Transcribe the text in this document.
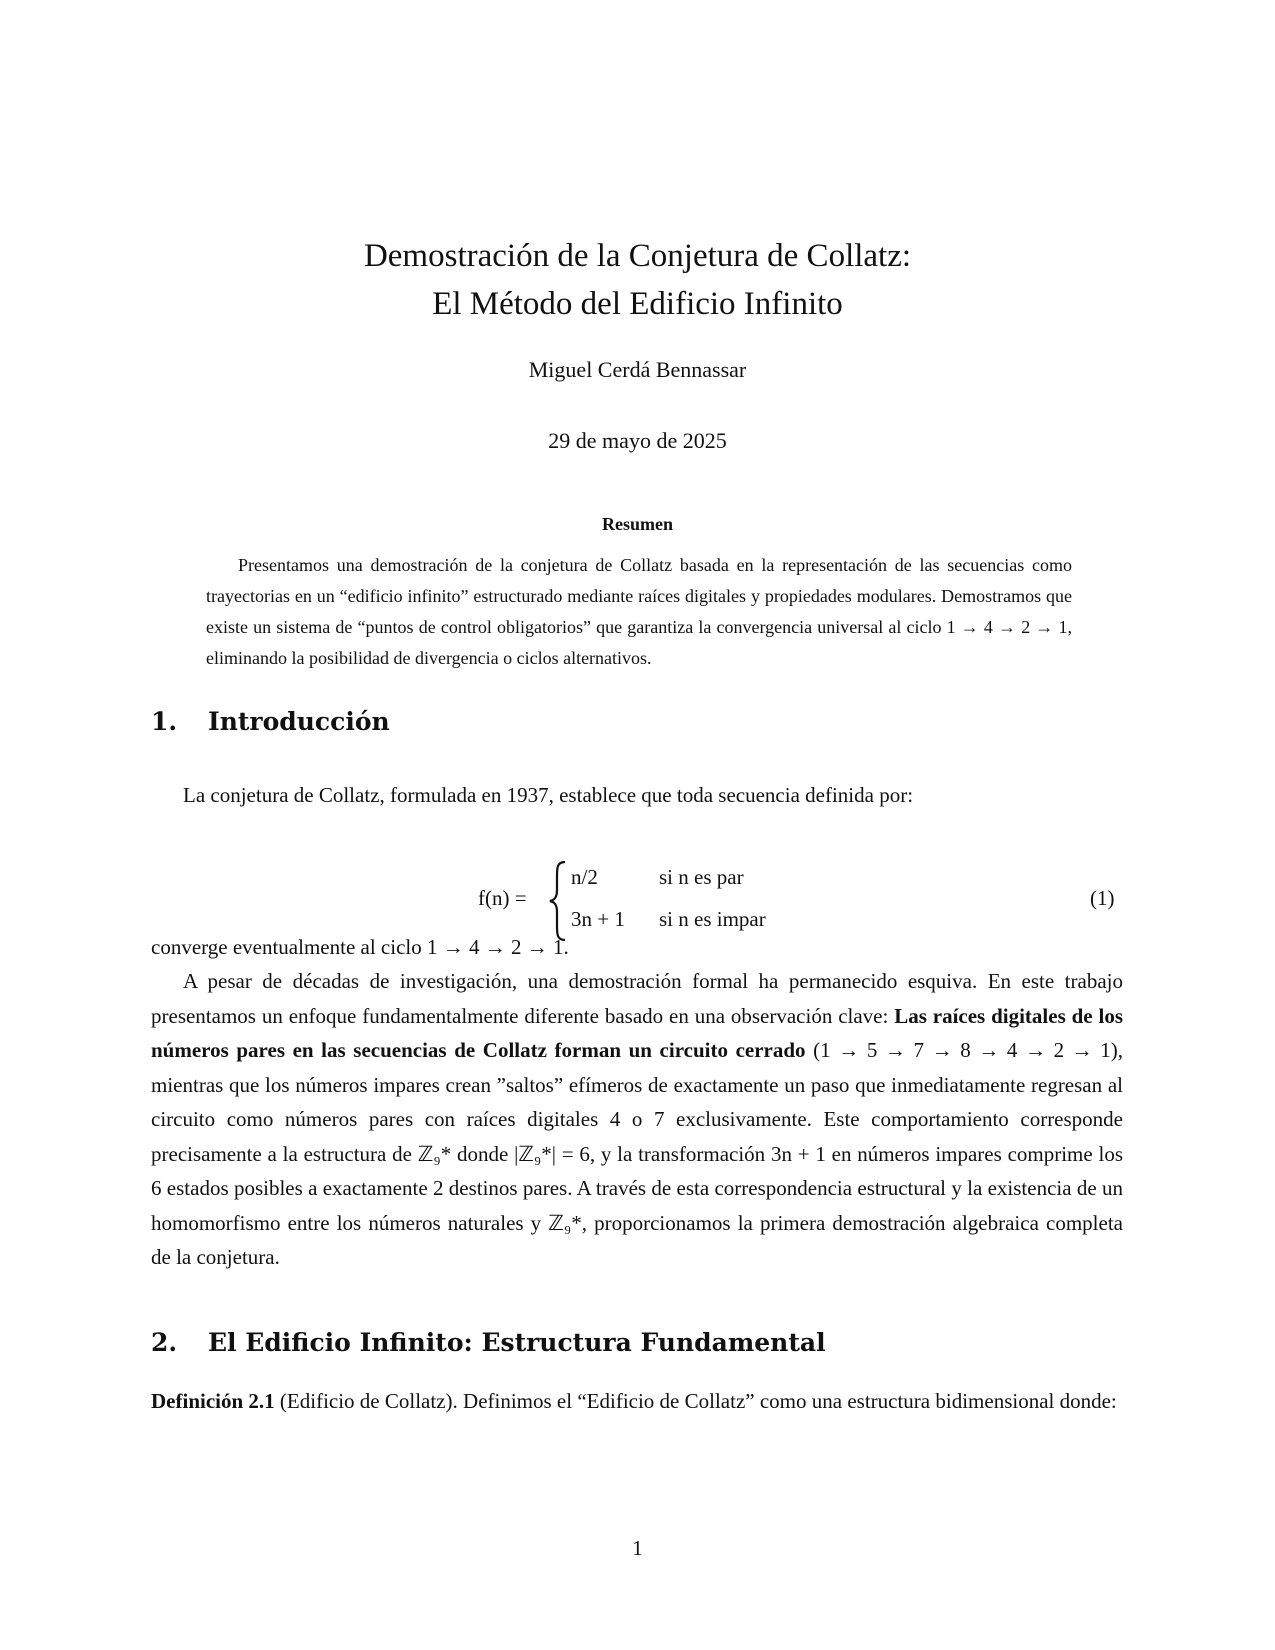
Demostración de la Conjetura de Collatz:
El Método del Edificio Infinito
Miguel Cerdá Bennassar
29 de mayo de 2025
Resumen
Presentamos una demostración de la conjetura de Collatz basada en la representación de las secuencias como trayectorias en un “edificio infinito” estructurado mediante raíces digitales y propiedades modulares. Demostramos que existe un sistema de “puntos de control obligatorios” que garantiza la convergencia universal al ciclo 1 → 4 → 2 → 1, eliminando la posibilidad de divergencia o ciclos alternativos.
1. Introducción
La conjetura de Collatz, formulada en 1937, establece que toda secuencia definida por:
f(n) =
n/2	si n es par
3n + 1 si n es impar
(1)
converge eventualmente al ciclo 1 → 4 → 2 → 1.
A pesar de décadas de investigación, una demostración formal ha permanecido esquiva. En este trabajo presentamos un enfoque fundamentalmente diferente basado en una observación clave: Las raíces digitales de los números pares en las secuencias de Collatz forman un circuito cerrado (1 → 5 → 7 → 8 → 4 → 2 → 1), mientras que los números impares crean ”saltos” efímeros de exactamente un paso que inmediatamente regresan al circuito como números pares con raíces digitales 4 o 7 exclusivamente. Este comportamiento corresponde precisamente a la estructura de ℤ₉* donde |ℤ₉*| = 6, y la transformación 3n + 1 en números impares comprime los 6 estados posibles a exactamente 2 destinos pares. A través de esta correspondencia estructural y la existencia de un homomorfismo entre los números naturales y ℤ₉*, proporcionamos la primera demostración algebraica completa de la conjetura.
2. El Edificio Infinito: Estructura Fundamental
Definición 2.1 (Edificio de Collatz). Definimos el “Edificio de Collatz” como una estructura bidimensional donde:
1
